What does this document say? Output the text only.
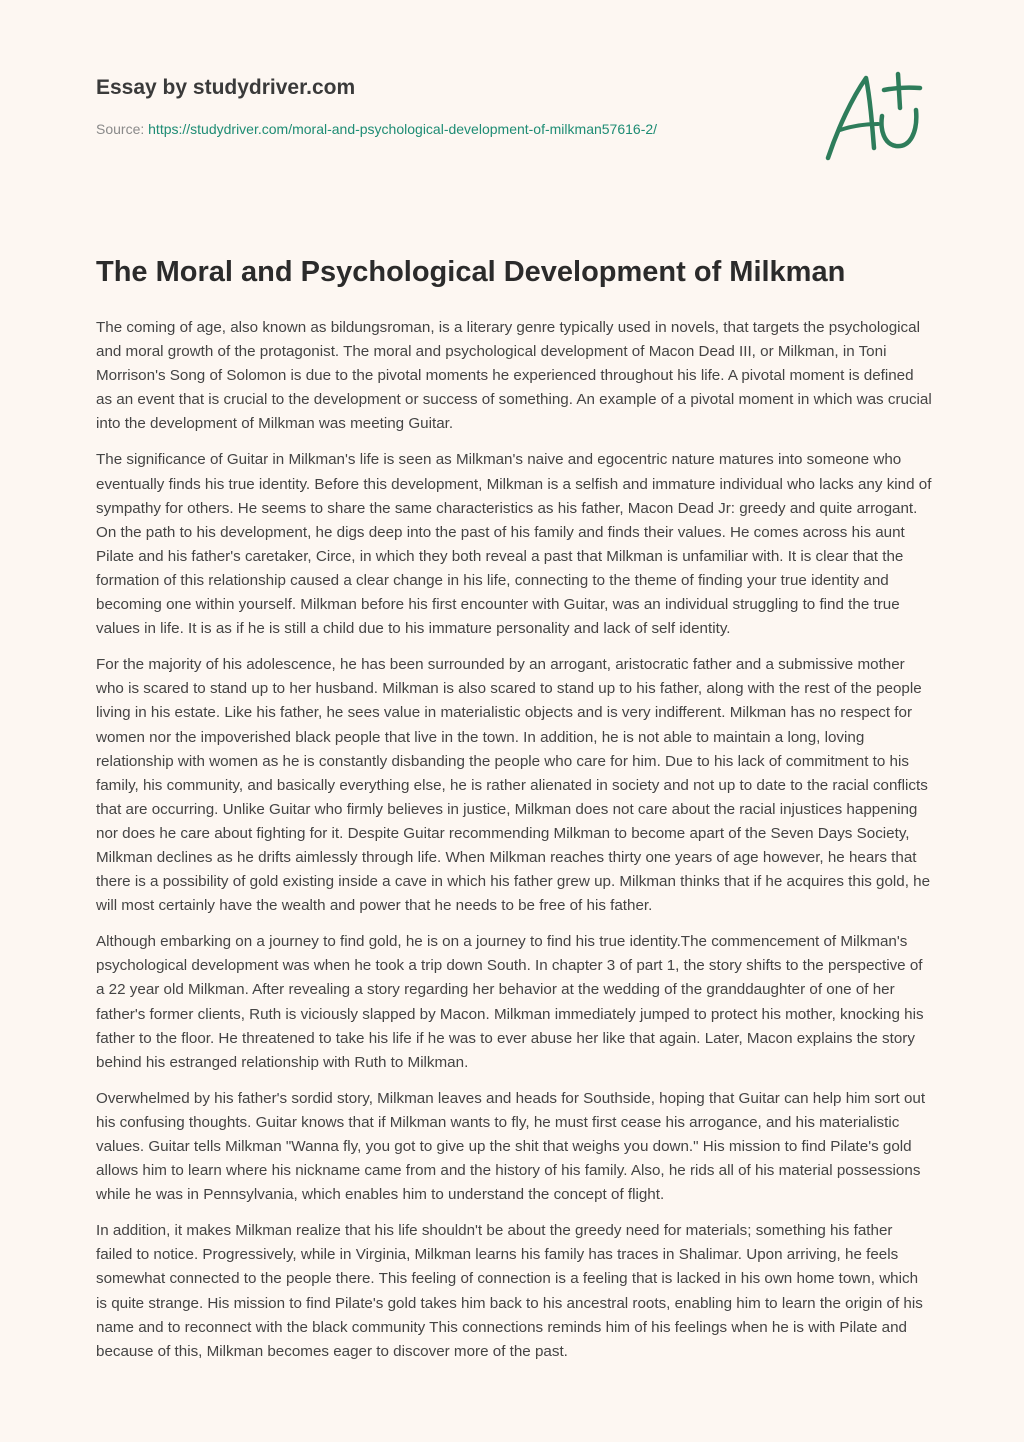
Essay by studydriver.com
Source: https://studydriver.com/moral-and-psychological-development-of-milkman57616-2/
The Moral and Psychological Development of Milkman

The coming of age, also known as bildungsroman, is a literary genre typically used in novels, that targets the psychological and moral growth of the protagonist. The moral and psychological development of Macon Dead III, or Milkman, in Toni Morrison's Song of Solomon is due to the pivotal moments he experienced throughout his life. A pivotal moment is defined as an event that is crucial to the development or success of something. An example of a pivotal moment in which was crucial into the development of Milkman was meeting Guitar.

The significance of Guitar in Milkman's life is seen as Milkman's naive and egocentric nature matures into someone who eventually finds his true identity. Before this development, Milkman is a selfish and immature individual who lacks any kind of sympathy for others. He seems to share the same characteristics as his father, Macon Dead Jr: greedy and quite arrogant. On the path to his development, he digs deep into the past of his family and finds their values. He comes across his aunt Pilate and his father's caretaker, Circe, in which they both reveal a past that Milkman is unfamiliar with. It is clear that the formation of this relationship caused a clear change in his life, connecting to the theme of finding your true identity and becoming one within yourself. Milkman before his first encounter with Guitar, was an individual struggling to find the true values in life. It is as if he is still a child due to his immature personality and lack of self identity.

For the majority of his adolescence, he has been surrounded by an arrogant, aristocratic father and a submissive mother who is scared to stand up to her husband. Milkman is also scared to stand up to his father, along with the rest of the people living in his estate. Like his father, he sees value in materialistic objects and is very indifferent. Milkman has no respect for women nor the impoverished black people that live in the town. In addition, he is not able to maintain a long, loving relationship with women as he is constantly disbanding the people who care for him. Due to his lack of commitment to his family, his community, and basically everything else, he is rather alienated in society and not up to date to the racial conflicts that are occurring. Unlike Guitar who firmly believes in justice, Milkman does not care about the racial injustices happening nor does he care about fighting for it. Despite Guitar recommending Milkman to become apart of the Seven Days Society, Milkman declines as he drifts aimlessly through life. When Milkman reaches thirty one years of age however, he hears that there is a possibility of gold existing inside a cave in which his father grew up. Milkman thinks that if he acquires this gold, he will most certainly have the wealth and power that he needs to be free of his father.

Although embarking on a journey to find gold, he is on a journey to find his true identity.The commencement of Milkman's psychological development was when he took a trip down South. In chapter 3 of part 1, the story shifts to the perspective of a 22 year old Milkman. After revealing a story regarding her behavior at the wedding of the granddaughter of one of her father's former clients, Ruth is viciously slapped by Macon. Milkman immediately jumped to protect his mother, knocking his father to the floor. He threatened to take his life if he was to ever abuse her like that again. Later, Macon explains the story behind his estranged relationship with Ruth to Milkman.

Overwhelmed by his father's sordid story, Milkman leaves and heads for Southside, hoping that Guitar can help him sort out his confusing thoughts. Guitar knows that if Milkman wants to fly, he must first cease his arrogance, and his materialistic values. Guitar tells Milkman "Wanna fly, you got to give up the shit that weighs you down." His mission to find Pilate's gold allows him to learn where his nickname came from and the history of his family. Also, he rids all of his material possessions while he was in Pennsylvania, which enables him to understand the concept of flight.

In addition, it makes Milkman realize that his life shouldn't be about the greedy need for materials; something his father failed to notice. Progressively, while in Virginia, Milkman learns his family has traces in Shalimar. Upon arriving, he feels somewhat connected to the people there. This feeling of connection is a feeling that is lacked in his own home town, which is quite strange. His mission to find Pilate's gold takes him back to his ancestral roots, enabling him to learn the origin of his name and to reconnect with the black community This connections reminds him of his feelings when he is with Pilate and because of this, Milkman becomes eager to discover more of the past.
